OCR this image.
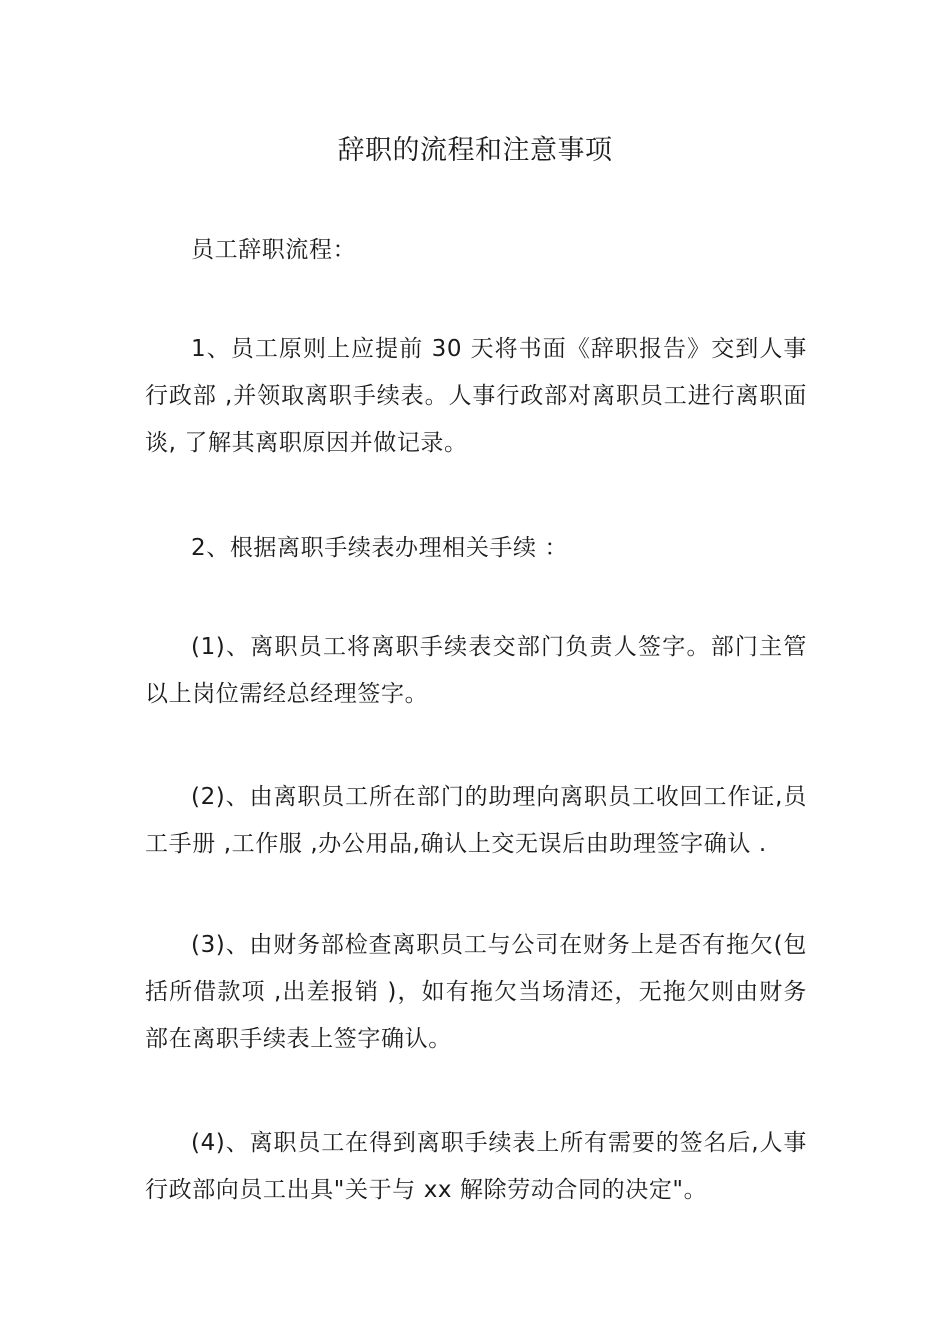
辞职的流程和注意事项

员工辞职流程：

1、员工原则上应提前 30 天将书面《辞职报告》交到人事行政部 ,并领取离职手续表。人事行政部对离职员工进行离职面谈, 了解其离职原因并做记录。

2、根据离职手续表办理相关手续 ：

(1)、离职员工将离职手续表交部门负责人签字。部门主管以上岗位需经总经理签字。

(2)、由离职员工所在部门的助理向离职员工收回工作证,员工手册 ,工作服 ,办公用品,确认上交无误后由助理签字确认 .

(3)、由财务部检查离职员工与公司在财务上是否有拖欠(包括所借款项 ,出差报销 )，如有拖欠当场清还，无拖欠则由财务部在离职手续表上签字确认。

(4)、离职员工在得到离职手续表上所有需要的签名后,人事行政部向员工出具"关于与 xx 解除劳动合同的决定"。
